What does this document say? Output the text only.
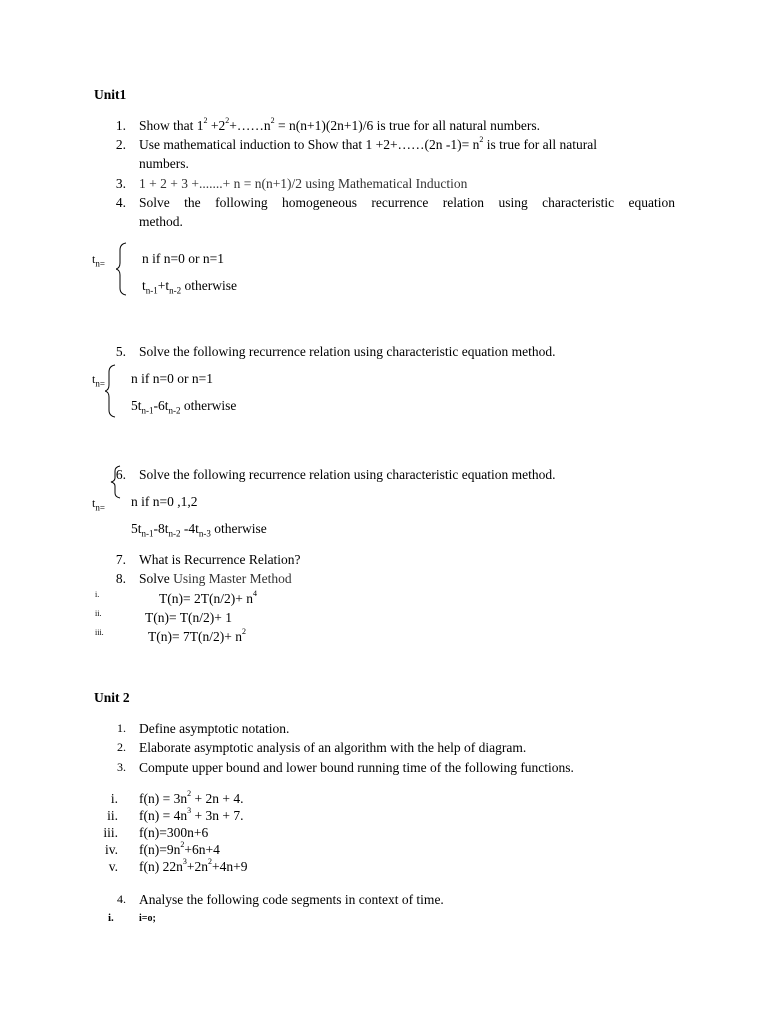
Unit1
1. Show that $1^2$ $+2^2+\dots\dots n^2 = n(n+1)(2n+1)/6$ is true for all natural numbers.
2. Use mathematical induction to Show that 1 +2+……(2n $-1)= n^2$ is true for all natural
numbers.
3. 1 + 2 + 3 +.......+ n = n(n+1)/2 using Mathematical Induction
4. Solve the following homogeneous recurrence relation using characteristic equation
method.
$t_{n=}$	n if n=0 or n=1
$t_{n-1}+t_{n-2}$ otherwise
5. Solve the following recurrence relation using characteristic equation method.
$t_{n=}$ n if n=0 or n=1
$5t_{n-1}-6t_{n-2}$ otherwise
6. Solve the following recurrence relation using characteristic equation method.
$t_{n=}$ n if n=0 ,1,2
$5t_{n-1}-8t_{n-2}$ $-4t_{n-3}$ otherwise
7. What is Recurrence Relation?
8. Solve Using Master Method
i.	$T(n)= 2T(n/2)+ n^4$
ii.	T(n)= T(n/2)+ 1
iii.	$T(n)= 7T(n/2)+ n^2$
Unit 2
1. Define asymptotic notation.
2. Elaborate asymptotic analysis of an algorithm with the help of diagram.
3. Compute upper bound and lower bound running time of the following functions.
i. $f(n) = 3n^2 + 2n + 4$.
ii. $f(n) = 4n^3 + 3n + 7$.
iii. f(n)=300n+6
iv. $f(n)=9n^2+6n+4$
v. f(n) $22n^3+2n^2+4n+9$
4. Analyse the following code segments in context of time.
i.	i=o;
